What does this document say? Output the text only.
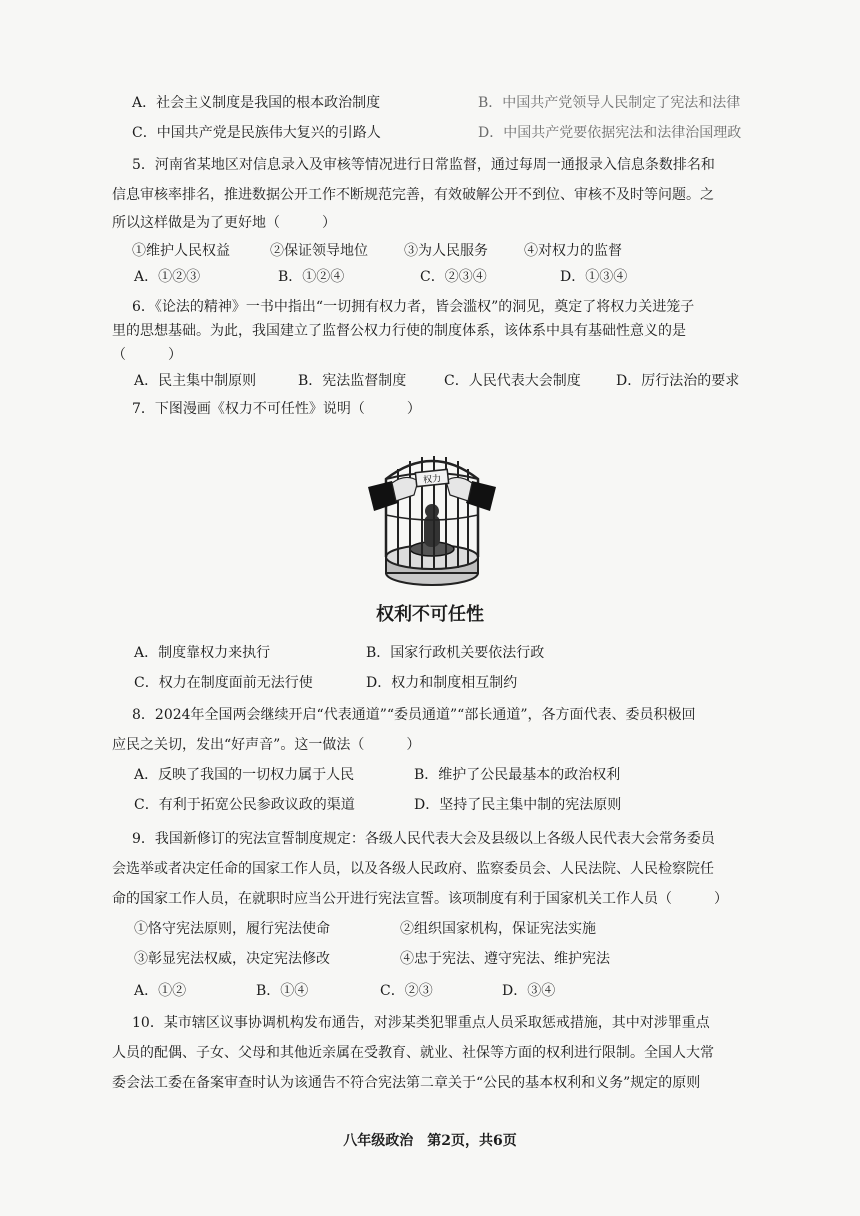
A．社会主义制度是我国的根本政治制度	B．中国共产党领导人民制定了宪法和法律
C．中国共产党是民族伟大复兴的引路人	D．中国共产党要依据宪法和法律治国理政
5．河南省某地区对信息录入及审核等情况进行日常监督，通过每周一通报录入信息条数排名和
信息审核率排名，推进数据公开工作不断规范完善，有效破解公开不到位、审核不及时等问题。之
所以这样做是为了更好地（　　　）
①维护人民权益	②保证领导地位	③为人民服务	④对权力的监督
A．①②③	B．①②④	C．②③④	D．①③④
6．《论法的精神》一书中指出“一切拥有权力者，皆会滥权”的洞见，奠定了将权力关进笼子
里的思想基础。为此，我国建立了监督公权力行使的制度体系，该体系中具有基础性意义的是
（　　　）
A．民主集中制原则	B．宪法监督制度	C．人民代表大会制度	D．厉行法治的要求
7．下图漫画《权力不可任性》说明（　　　）
权力
权利不可任性
A．制度靠权力来执行	B．国家行政机关要依法行政
C．权力在制度面前无法行使	D．权力和制度相互制约
8．2024年全国两会继续开启“代表通道”“委员通道”“部长通道”，各方面代表、委员积极回
应民之关切，发出“好声音”。这一做法（　　　）
A．反映了我国的一切权力属于人民	B．维护了公民最基本的政治权利
C．有利于拓宽公民参政议政的渠道	D．坚持了民主集中制的宪法原则
9．我国新修订的宪法宣誓制度规定：各级人民代表大会及县级以上各级人民代表大会常务委员
会选举或者决定任命的国家工作人员，以及各级人民政府、监察委员会、人民法院、人民检察院任
命的国家工作人员，在就职时应当公开进行宪法宣誓。该项制度有利于国家机关工作人员（　　　）
①恪守宪法原则，履行宪法使命	②组织国家机构，保证宪法实施
③彰显宪法权威，决定宪法修改	④忠于宪法、遵守宪法、维护宪法
A．①②	B．①④	C．②③	D．③④
10．某市辖区议事协调机构发布通告，对涉某类犯罪重点人员采取惩戒措施，其中对涉罪重点
人员的配偶、子女、父母和其他近亲属在受教育、就业、社保等方面的权利进行限制。全国人大常
委会法工委在备案审查时认为该通告不符合宪法第二章关于“公民的基本权利和义务”规定的原则
八年级政治　第2页，共6页
